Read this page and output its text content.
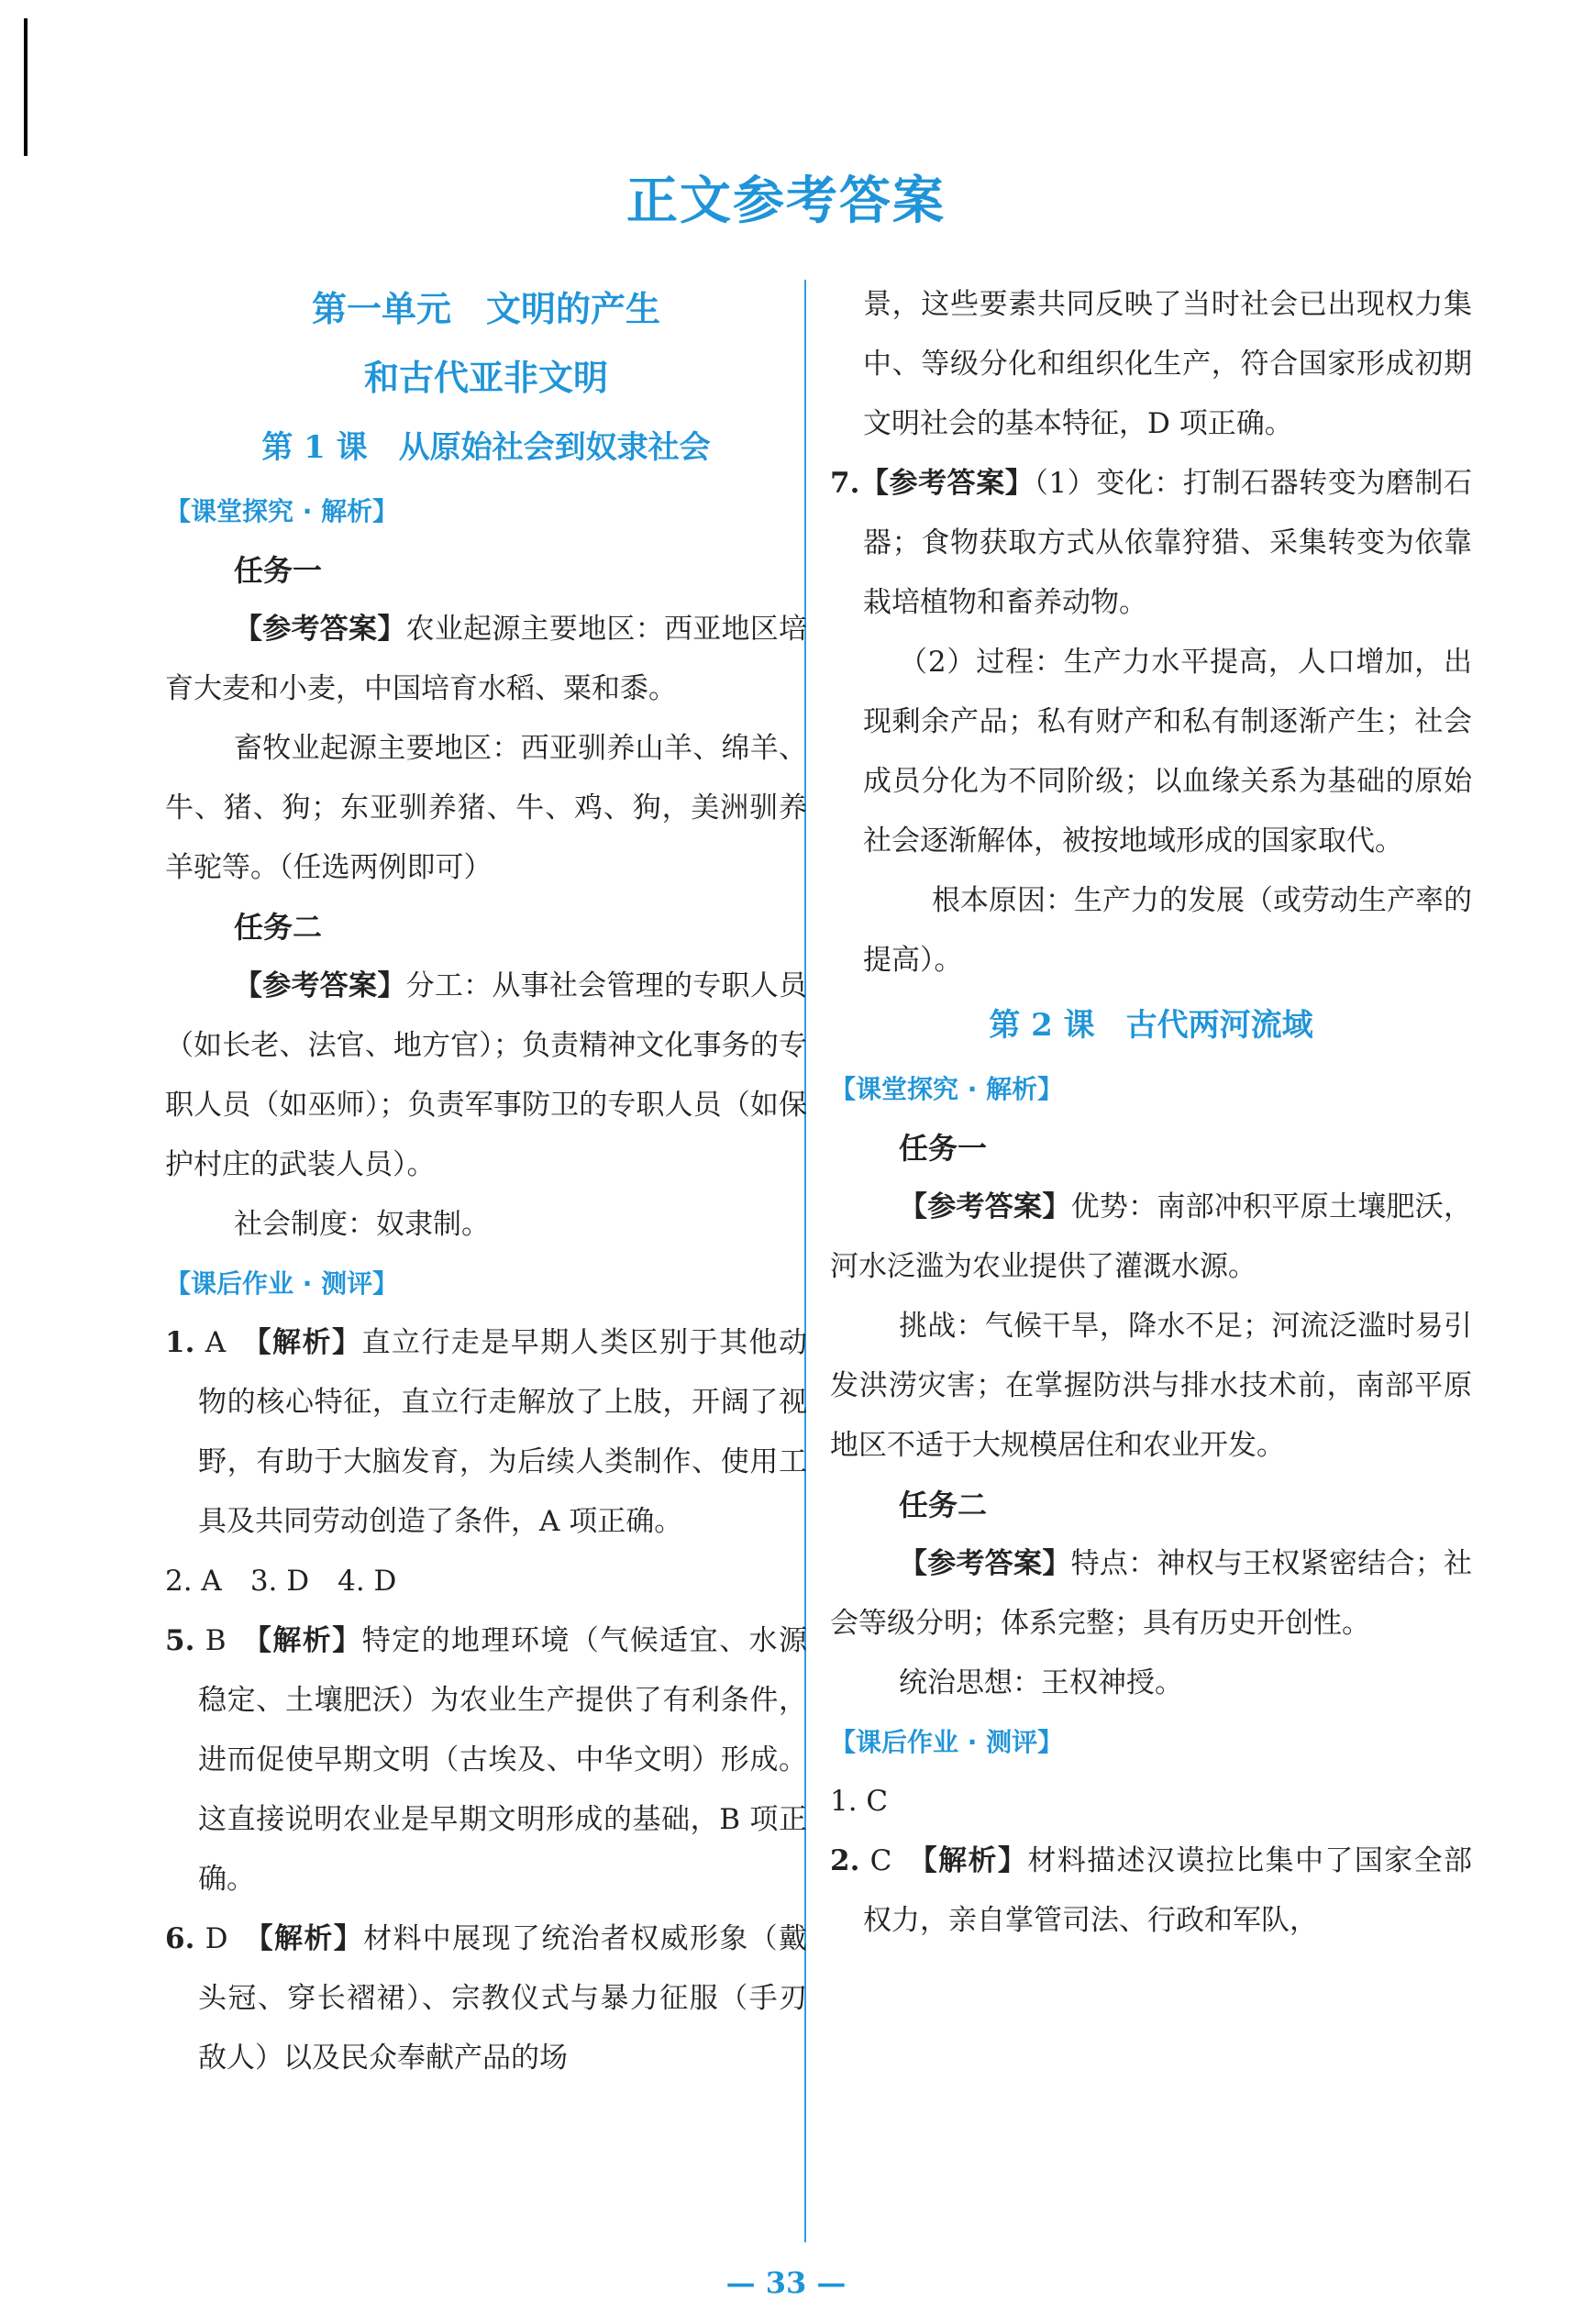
正文参考答案
第一单元　文明的产生
和古代亚非文明
第 1 课　从原始社会到奴隶社会
【课堂探究 · 解析】
任务一

【参考答案】农业起源主要地区：西亚地区培育大麦和小麦，中国培育水稻、粟和黍。

畜牧业起源主要地区：西亚驯养山羊、绵羊、牛、猪、狗；东亚驯养猪、牛、鸡、狗，美洲驯养羊驼等。（任选两例即可）

任务二

【参考答案】分工：从事社会管理的专职人员（如长老、法官、地方官）；负责精神文化事务的专职人员（如巫师）；负责军事防卫的专职人员（如保护村庄的武装人员）。

社会制度：奴隶制。

【课后作业 · 测评】

1. A　 【解析】直立行走是早期人类区别于其他动物的核心特征，直立行走解放了上肢，开阔了视野，有助于大脑发育，为后续人类制作、使用工具及共同劳动创造了条件，A 项正确。

2. A　3. D　4. D

5. B　 【解析】特定的地理环境（气候适宜、水源稳定、土壤肥沃）为农业生产提供了有利条件，进而促使早期文明（古埃及、中华文明）形成。这直接说明农业是早期文明形成的基础，B 项正确。

6. D　 【解析】材料中展现了统治者权威形象（戴头冠、穿长褶裙）、宗教仪式与暴力征服（手刃敌人）以及民众奉献产品的场

景，这些要素共同反映了当时社会已出现权力集中、等级分化和组织化生产，符合国家形成初期文明社会的基本特征，D 项正确。

7.【参考答案】（1）变化：打制石器转变为磨制石器；食物获取方式从依靠狩猎、采集转变为依靠栽培植物和畜养动物。

（2）过程：生产力水平提高，人口增加，出现剩余产品；私有财产和私有制逐渐产生；社会成员分化为不同阶级；以血缘关系为基础的原始社会逐渐解体，被按地域形成的国家取代。

根本原因：生产力的发展（或劳动生产率的提高）。

第 2 课　古代两河流域
【课堂探究 · 解析】
任务一

【参考答案】优势：南部冲积平原土壤肥沃，河水泛滥为农业提供了灌溉水源。

挑战：气候干旱，降水不足；河流泛滥时易引发洪涝灾害；在掌握防洪与排水技术前，南部平原地区不适于大规模居住和农业开发。

任务二

【参考答案】特点：神权与王权紧密结合；社会等级分明；体系完整；具有历史开创性。

统治思想：王权神授。

【课后作业 · 测评】

1. C

2. C　 【解析】材料描述汉谟拉比集中了国家全部权力，亲自掌管司法、行政和军队，

— 33 —
